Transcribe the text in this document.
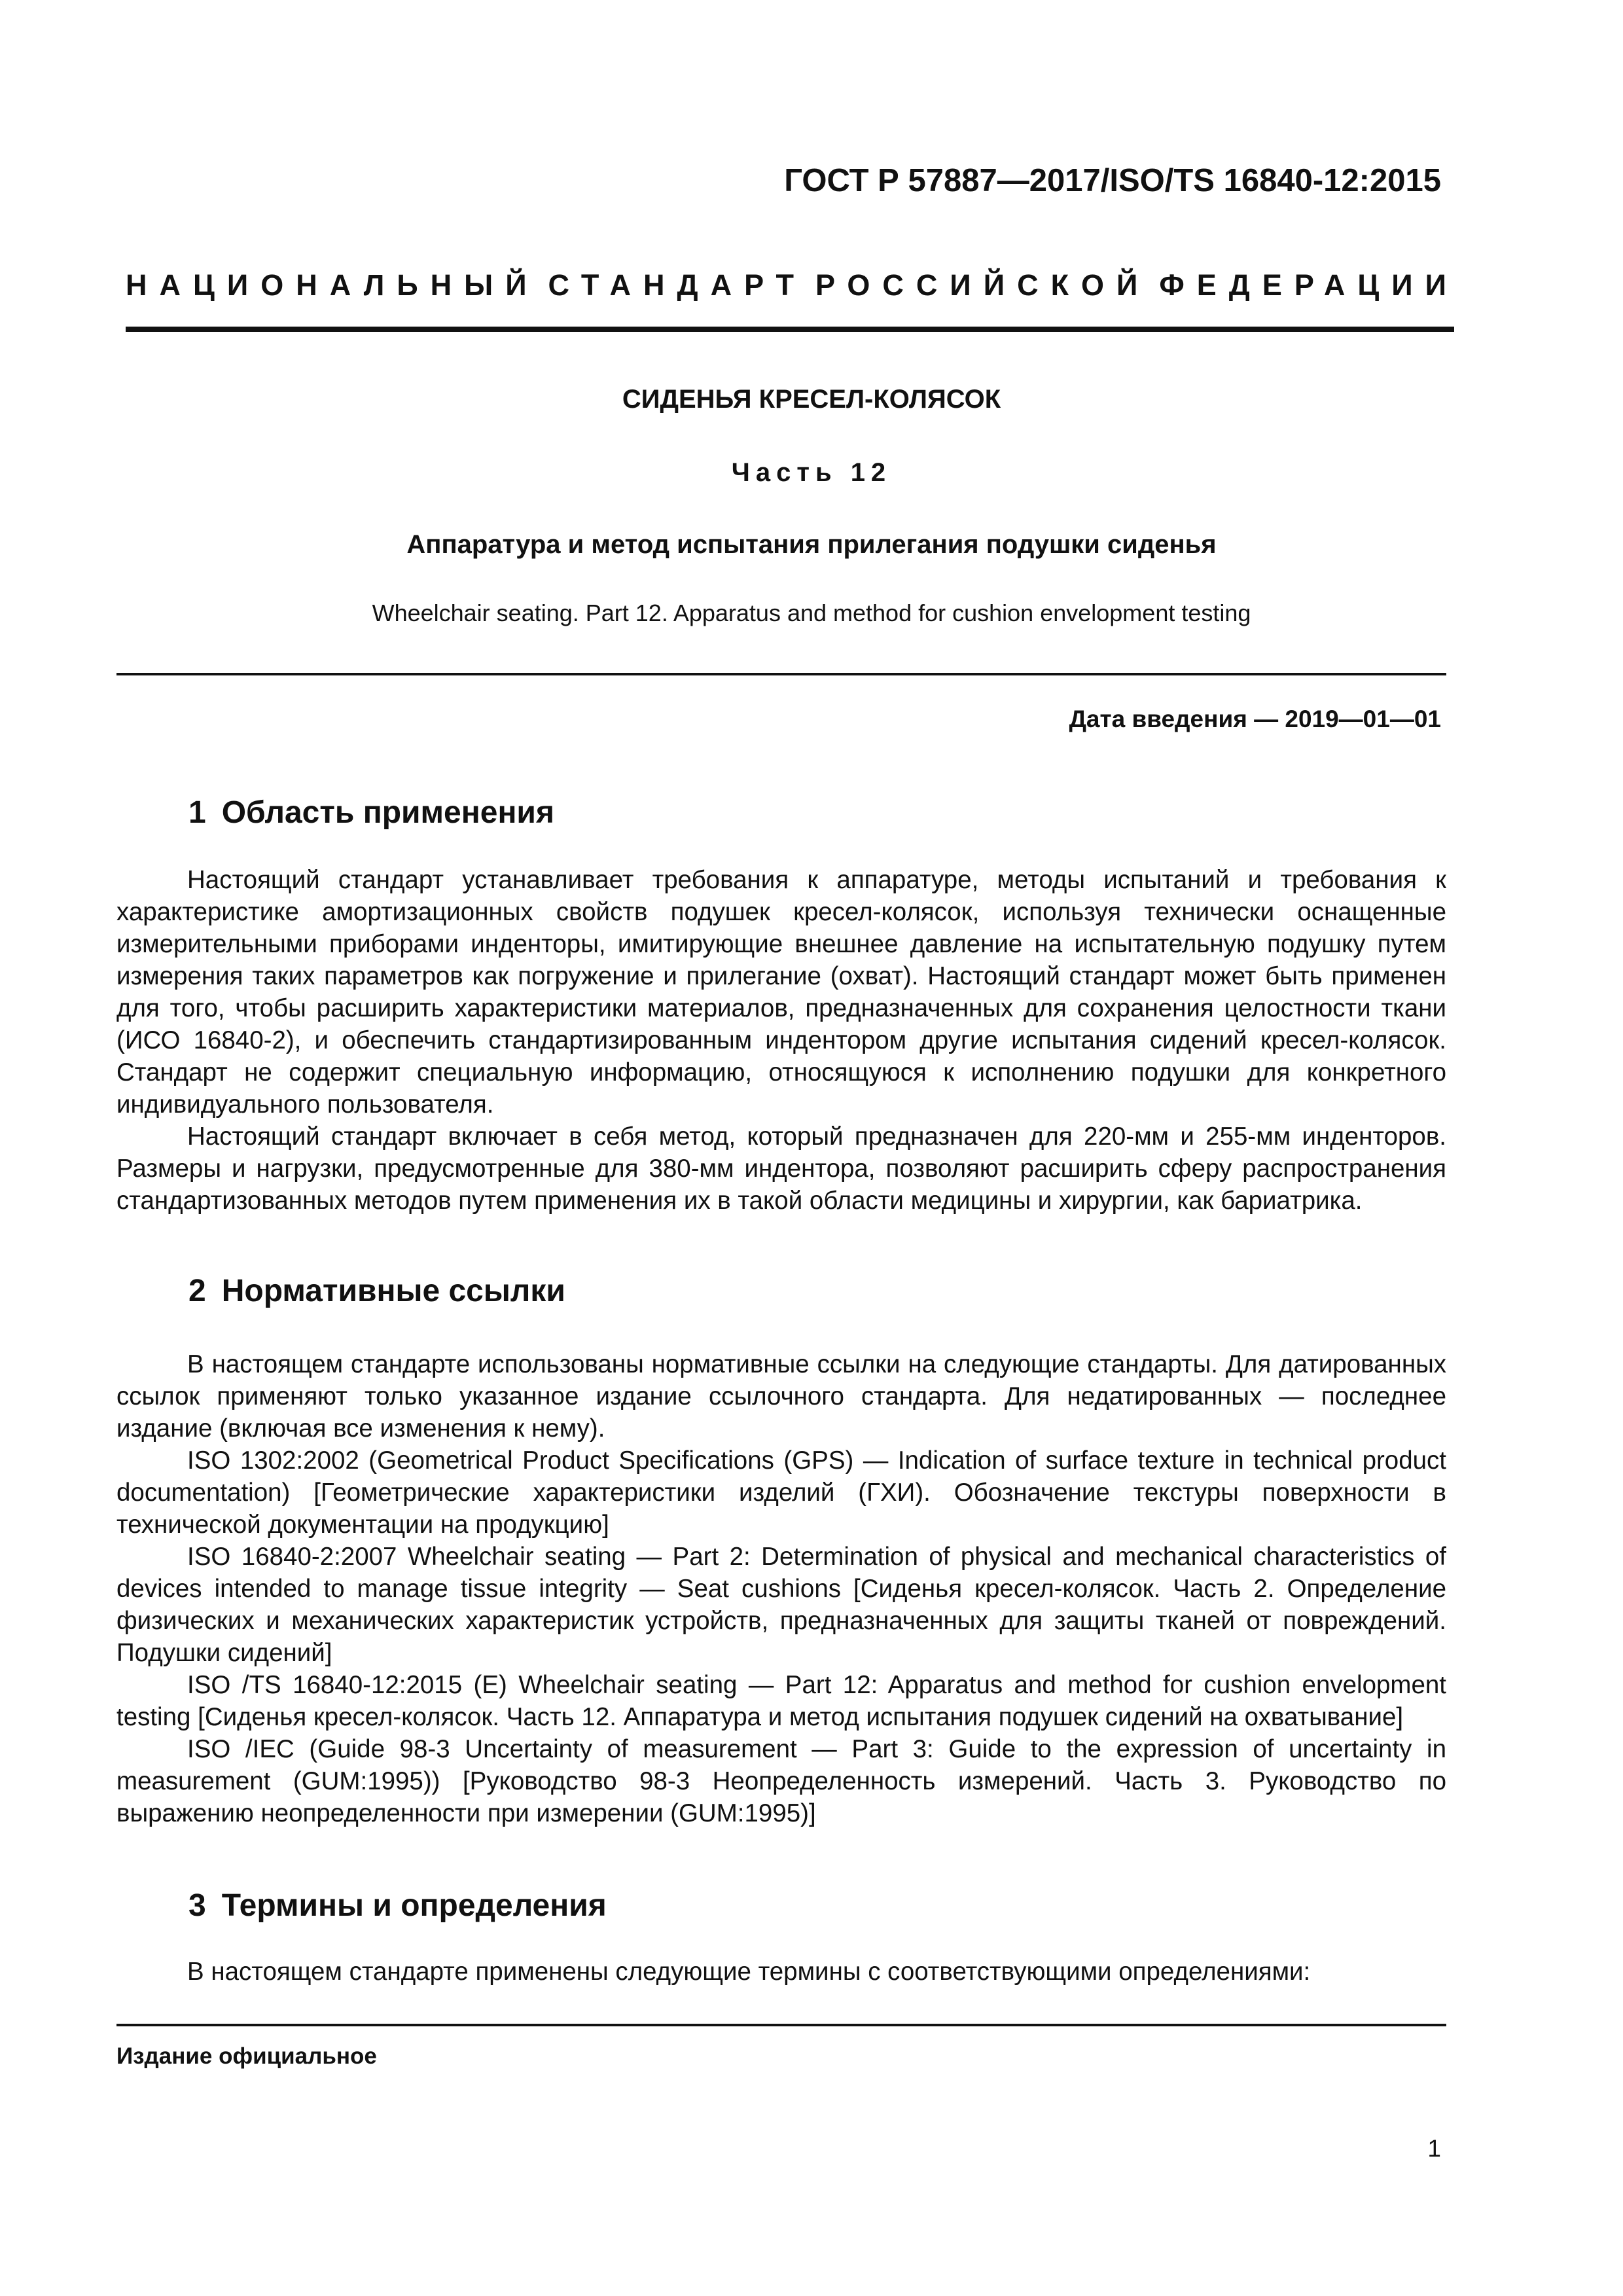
ГОСТ Р 57887—2017/ISO/TS 16840-12:2015
НАЦИОНАЛЬНЫЙ СТАНДАРТ РОССИЙСКОЙ ФЕДЕРАЦИИ
СИДЕНЬЯ КРЕСЕЛ-КОЛЯСОК
Часть 12
Аппаратура и метод испытания прилегания подушки сиденья
Wheelchair seating. Part 12. Apparatus and method for cushion envelopment testing
Дата введения — 2019—01—01
1 Область применения

Настоящий стандарт устанавливает требования к аппаратуре, методы испытаний и требования к характеристике амортизационных свойств подушек кресел-колясок, используя технически оснащенные измерительными приборами инденторы, имитирующие внешнее давление на испытательную подушку путем измерения таких параметров как погружение и прилегание (охват). Настоящий стандарт может быть применен для того, чтобы расширить характеристики материалов, предназначенных для сохранения целостности ткани (ИСО 16840-2), и обеспечить стандартизированным индентором другие испытания сидений кресел-колясок. Стандарт не содержит специальную информацию, относящуюся к исполнению подушки для конкретного индивидуального пользователя.

Настоящий стандарт включает в себя метод, который предназначен для 220-мм и 255-мм инденторов. Размеры и нагрузки, предусмотренные для 380-мм индентора, позволяют расширить сферу распространения стандартизованных методов путем применения их в такой области медицины и хирургии, как бариатрика.

2 Нормативные ссылки

В настоящем стандарте использованы нормативные ссылки на следующие стандарты. Для датированных ссылок применяют только указанное издание ссылочного стандарта. Для недатированных — последнее издание (включая все изменения к нему).

ISO 1302:2002 (Geometrical Product Specifications (GPS) — Indication of surface texture in technical product documentation) [Геометрические характеристики изделий (ГХИ). Обозначение текстуры поверхности в технической документации на продукцию]

ISO 16840-2:2007 Wheelchair seating — Part 2: Determination of physical and mechanical characteristics of devices intended to manage tissue integrity — Seat cushions [Сиденья кресел-колясок. Часть 2. Определение физических и механических характеристик устройств, предназначенных для защиты тканей от повреждений. Подушки сидений]

ISO /TS 16840-12:2015 (E) Wheelchair seating — Part 12: Apparatus and method for cushion envelopment testing [Сиденья кресел-колясок. Часть 12. Аппаратура и метод испытания подушек сидений на охватывание]

ISO /IEC (Guide 98-3 Uncertainty of measurement — Part 3: Guide to the expression of uncertainty in measurement (GUM:1995)) [Руководство 98-3 Неопределенность измерений. Часть 3. Руководство по выражению неопределенности при измерении (GUM:1995)]

3 Термины и определения

В настоящем стандарте применены следующие термины с соответствующими определениями:

Издание официальное
1
